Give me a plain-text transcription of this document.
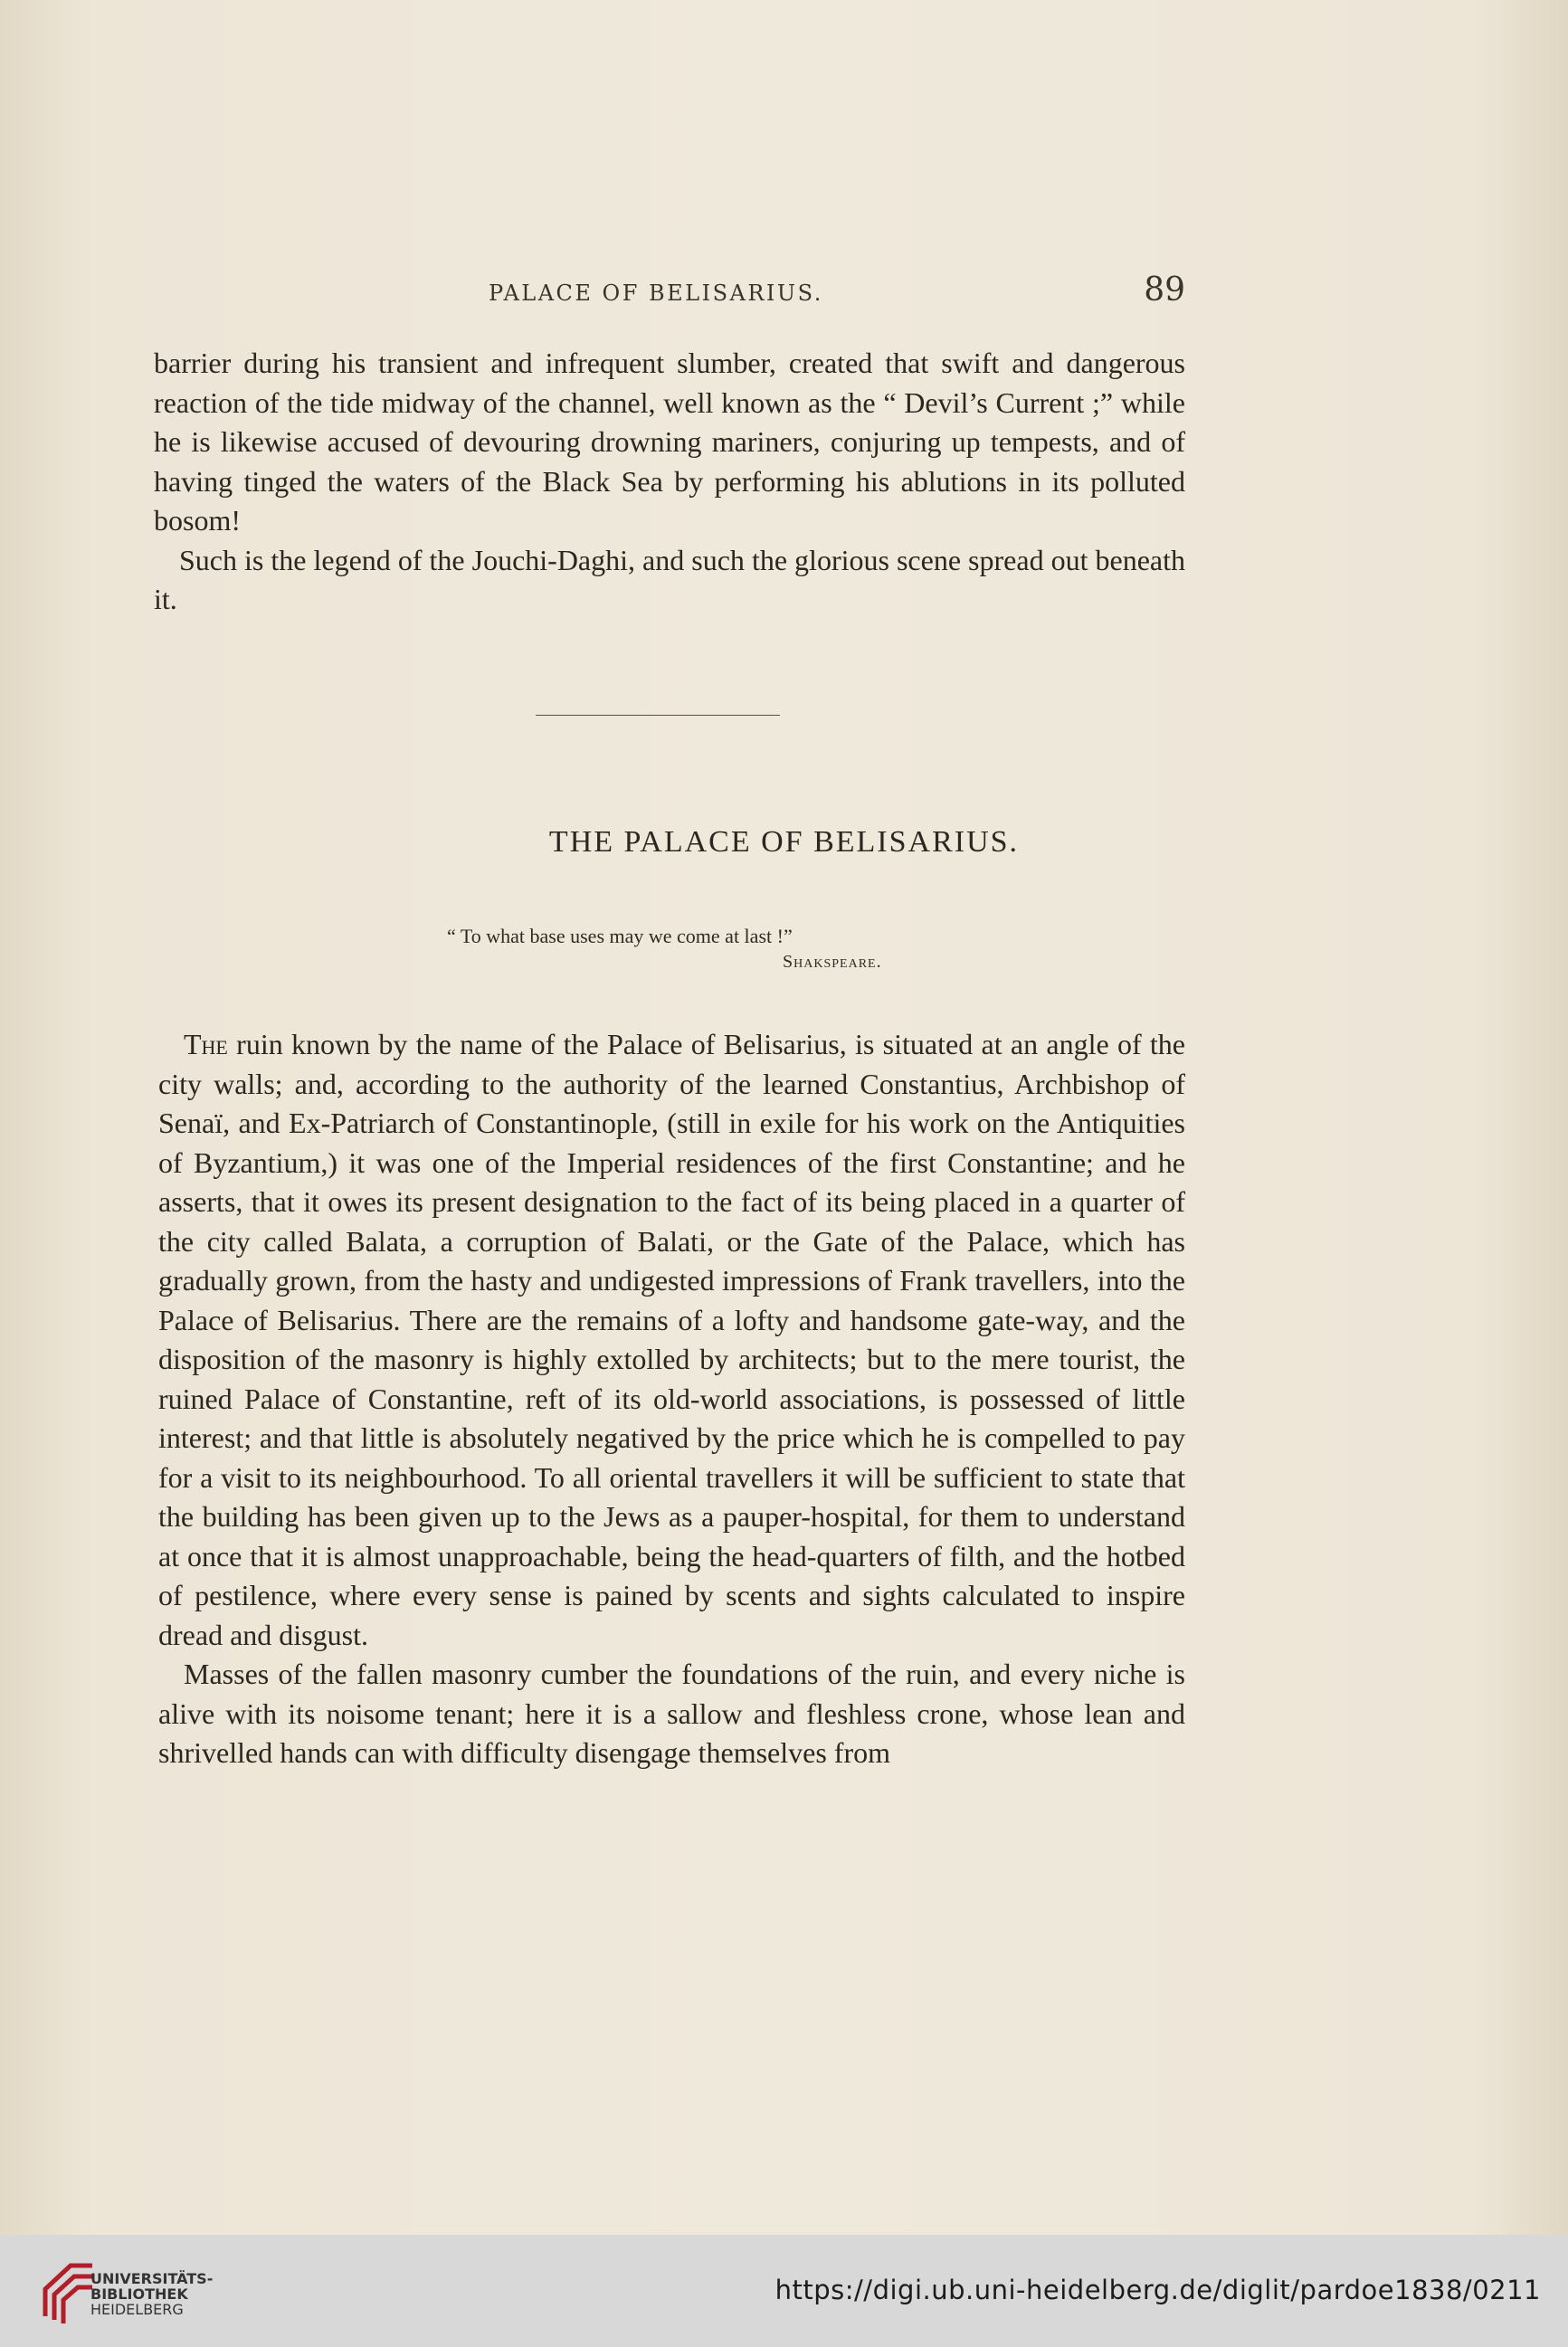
PALACE OF BELISARIUS.	89

barrier during his transient and infrequent slumber, created that swift and dangerous reaction of the tide midway of the channel, well known as the “ Devil’s Current ;” while he is likewise accused of devouring drowning mariners, conjuring up tempests, and of having tinged the waters of the Black Sea by performing his ablutions in its polluted bosom!

Such is the legend of the Jouchi-Daghi, and such the glorious scene spread out beneath it.

THE PALACE OF BELISARIUS.
“ To what base uses may we come at last !”
Shakspeare.

The ruin known by the name of the Palace of Belisarius, is situated at an angle of the city walls; and, according to the authority of the learned Constantius, Archbishop of Senaï, and Ex-Patriarch of Constantinople, (still in exile for his work on the Antiquities of Byzantium,) it was one of the Imperial residences of the first Constantine; and he asserts, that it owes its present designation to the fact of its being placed in a quarter of the city called Balata, a corruption of Balati, or the Gate of the Palace, which has gradually grown, from the hasty and undigested impressions of Frank travellers, into the Palace of Belisarius. There are the remains of a lofty and handsome gate-way, and the disposition of the masonry is highly extolled by architects; but to the mere tourist, the ruined Palace of Constantine, reft of its old-world associations, is possessed of little interest; and that little is absolutely negatived by the price which he is compelled to pay for a visit to its neighbourhood. To all oriental travellers it will be sufficient to state that the building has been given up to the Jews as a pauper-hospital, for them to understand at once that it is almost unapproachable, being the head-quarters of filth, and the hotbed of pestilence, where every sense is pained by scents and sights calculated to inspire dread and disgust.

Masses of the fallen masonry cumber the foundations of the ruin, and every niche is alive with its noisome tenant; here it is a sallow and fleshless crone, whose lean and shrivelled hands can with difficulty disengage themselves from

UNIVERSITÄTS-
BIBLIOTHEK
HEIDELBERG
https://digi.ub.uni-heidelberg.de/diglit/pardoe1838/0211
